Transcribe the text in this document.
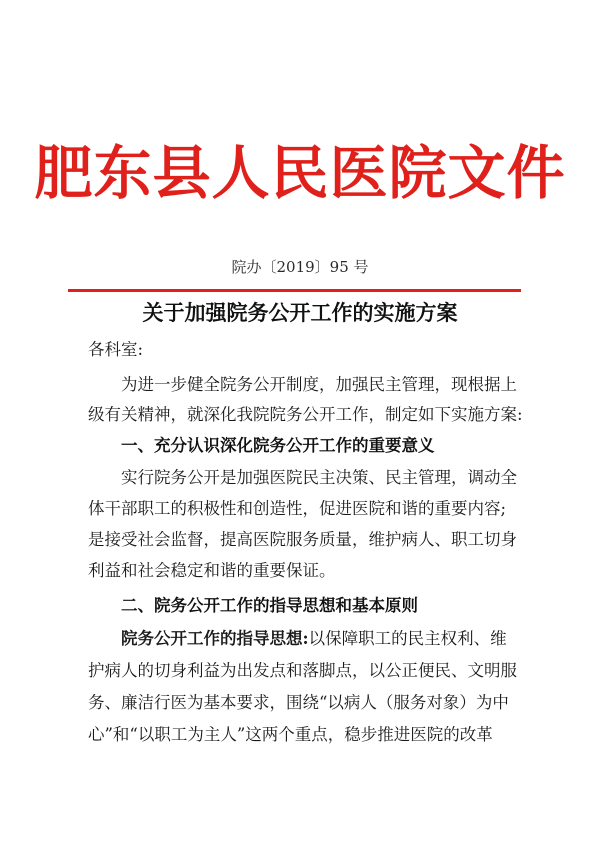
肥东县人民医院文件
院办〔2019〕95 号
关于加强院务公开工作的实施方案
各科室:
为进一步健全院务公开制度，加强民主管理，现根据上
级有关精神，就深化我院院务公开工作，制定如下实施方案:
一、充分认识深化院务公开工作的重要意义
实行院务公开是加强医院民主决策、民主管理，调动全
体干部职工的积极性和创造性，促进医院和谐的重要内容;
是接受社会监督，提高医院服务质量，维护病人、职工切身
利益和社会稳定和谐的重要保证。
二、院务公开工作的指导思想和基本原则
院务公开工作的指导思想:以保障职工的民主权利、维
护病人的切身利益为出发点和落脚点，以公正便民、文明服
务、廉洁行医为基本要求，围绕“以病人（服务对象）为中
心”和“以职工为主人”这两个重点，稳步推进医院的改革
